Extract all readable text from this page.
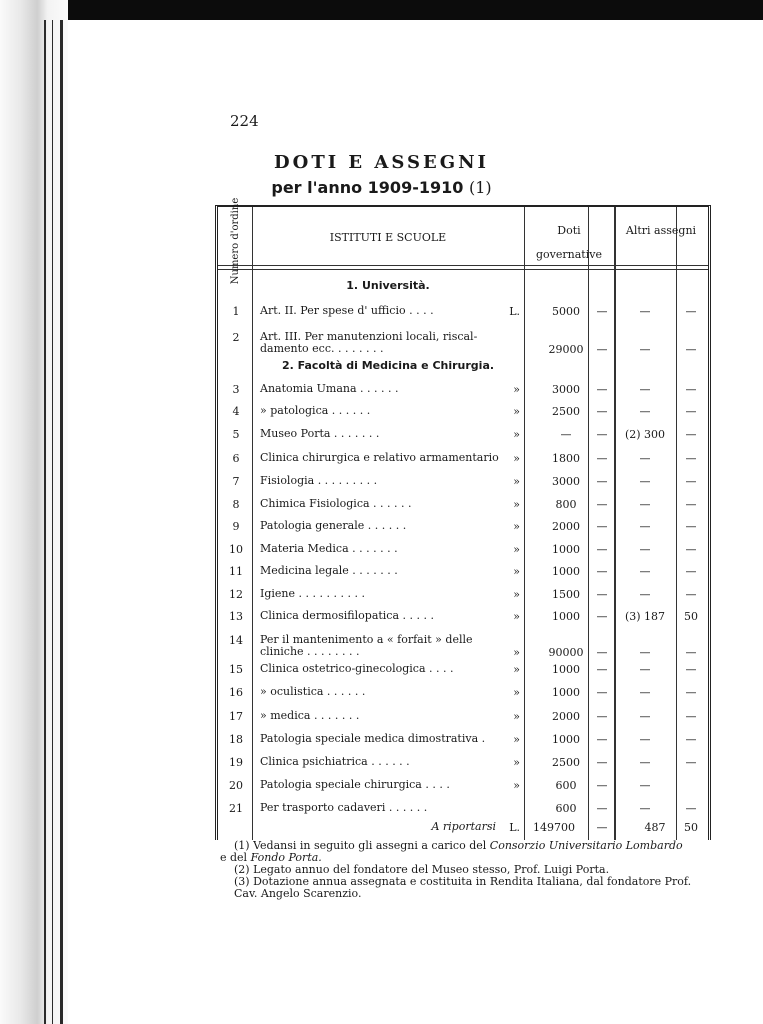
224
DOTI E ASSEGNI
per l'anno 1909-1910 (1)
Numero d'ordine	ISTITUTI E SCUOLE
Doti governative
Altri assegni
1. Università.
2. Facoltà di Medicina e Chirurgia.
1	Art. II. Per spese d' ufficio . . . .	L.	5000	—	—	—
2	Art. III. Per manutenzioni locali, riscal- damento ecc. . . . . . . .	29000	—	—	—
3	Anatomia Umana . . . . . .	»	3000	—	—	—
4	» patologica . . . . . .	»	2500	—	—	—
5	Museo Porta . . . . . . .	»	—	—	(2) 300	—
6	Clinica chirurgica e relativo armamentario	»	1800	—	—	—
7	Fisiologia . . . . . . . . .	»	3000	—	—	—
8	Chimica Fisiologica . . . . . .	»	800	—	—	—
9	Patologia generale . . . . . .	»	2000	—	—	—
10	Materia Medica . . . . . . .	»	1000	—	—	—
11	Medicina legale . . . . . . .	»	1000	—	—	—
12	Igiene . . . . . . . . . .	»	1500	—	—	—
13	Clinica dermosifilopatica . . . . .	»	1000	—	(3) 187	50
14	Per il mantenimento a « forfait » delle cliniche . . . . . . . .	»	90000	—	—	—
15	Clinica ostetrico-ginecologica . . . .	»	1000	—	—	—
16	» oculistica . . . . . .	»	1000	—	—	—
17	» medica . . . . . . .	»	2000	—	—	—
18	Patologia speciale medica dimostrativa .	»	1000	—	—	—
19	Clinica psichiatrica . . . . . .	»	2500	—	—	—
20	Patologia speciale chirurgica . . . .	»	600	—	—
21	Per trasporto cadaveri . . . . . .	600	—	—	—
A riportarsi	L.	149700	—	487	50

(1) Vedansi in seguito gli assegni a carico del Consorzio Universitario Lombardo

e del Fondo Porta.

(2) Legato annuo del fondatore del Museo stesso, Prof. Luigi Porta.

(3) Dotazione annua assegnata e costituita in Rendita Italiana, dal fondatore Prof. Cav. Angelo Scarenzio.
